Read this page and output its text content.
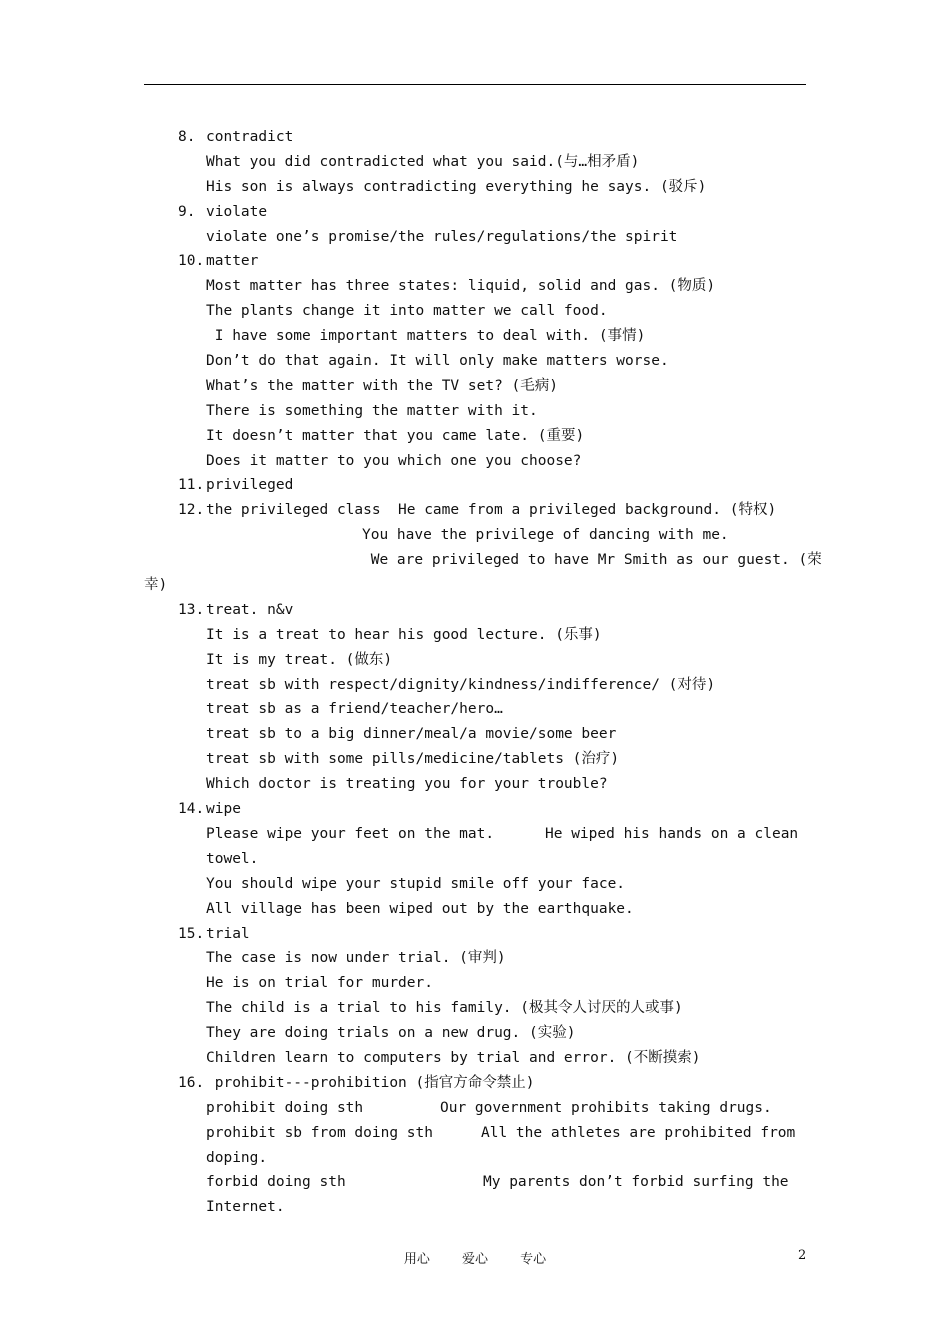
8. contradict
What you did contradicted what you said.(与…相矛盾)
His son is always contradicting everything he says. (驳斥)
9. violate
violate one’s promise/the rules/regulations/the spirit
10. matter
Most matter has three states: liquid, solid and gas. (物质)
The plants change it into matter we call food.
I have some important matters to deal with. (事情)
Don’t do that again. It will only make matters worse.
What’s the matter with the TV set? (毛病)
There is something the matter with it.
It doesn’t matter that you came late. (重要)
Does it matter to you which one you choose?
11. privileged
12. the privileged class He came from a privileged background. (特权)
You have the privilege of dancing with me.
We are privileged to have Mr Smith as our guest. (荣
幸)
13. treat. n&v
It is a treat to hear his good lecture. (乐事)
It is my treat. (做东)
treat sb with respect/dignity/kindness/indifference/ (对待)
treat sb as a friend/teacher/hero…
treat sb to a big dinner/meal/a movie/some beer
treat sb with some pills/medicine/tablets (治疗)
Which doctor is treating you for your trouble?
14. wipe
Please wipe your feet on the mat.	He wiped his hands on a clean
towel.
You should wipe your stupid smile off your face.
All village has been wiped out by the earthquake.
15. trial
The case is now under trial. (审判)
He is on trial for murder.
The child is a trial to his family. (极其令人讨厌的人或事)
They are doing trials on a new drug. (实验)
Children learn to computers by trial and error. (不断摸索)
16. prohibit---prohibition (指官方命令禁止)
prohibit doing sth	Our government prohibits taking drugs.
prohibit sb from doing sth	All the athletes are prohibited from
doping.
forbid doing sth	My parents don’t forbid surfing the
Internet.
用心 爱心 专心	2
